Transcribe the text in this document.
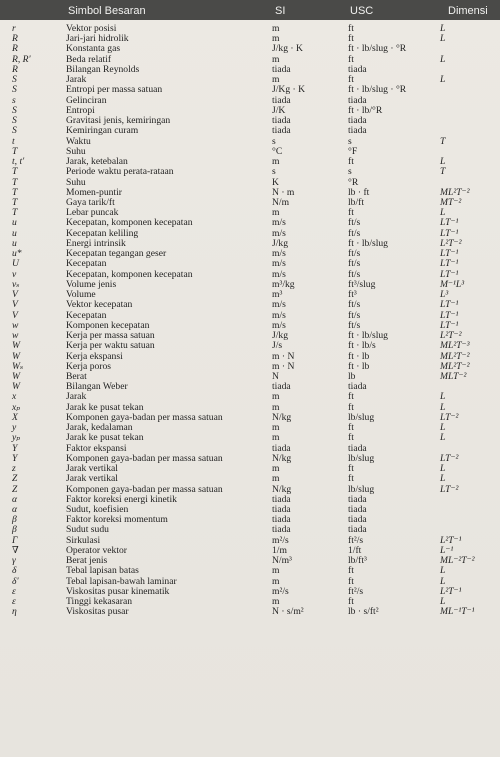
Simbol Besaran	SI	USC	Dimensi
r	Vektor posisi	m	ft	L
R	Jari-jari hidrolik	m	ft	L
R	Konstanta gas	J/kg · K	ft · lb/slug · °R
R, R'	Beda relatif	m	ft	L
R	Bilangan Reynolds	tiada	tiada
S	Jarak	m	ft	L
S	Entropi per massa satuan	J/Kg · K	ft · lb/slug · °R
s	Gelinciran	tiada	tiada
S	Entropi	J/K	ft · lb/°R
S	Gravitasi jenis, kemiringan	tiada	tiada
S	Kemiringan curam	tiada	tiada
t	Waktu	s	s	T
T	Suhu	°C	°F
t, t'	Jarak, ketebalan	m	ft	L
T	Periode waktu perata-rataan	s	s	T
T	Suhu	K	°R
T	Momen-puntir	N · m	lb · ft	ML²T⁻²
T	Gaya tarik/ft	N/m	lb/ft	MT⁻²
T	Lebar puncak	m	ft	L
u	Kecepatan, komponen kecepatan	m/s	ft/s	LT⁻¹
u	Kecepatan keliling	m/s	ft/s	LT⁻¹
u	Energi intrinsik	J/kg	ft · lb/slug	L²T⁻²
u*	Kecepatan tegangan geser	m/s	ft/s	LT⁻¹
U	Kecepatan	m/s	ft/s	LT⁻¹
v	Kecepatan, komponen kecepatan	m/s	ft/s	LT⁻¹
vₛ	Volume jenis	m³/kg	ft³/slug	M⁻¹L³
V	Volume	m³	ft³	L³
V	Vektor kecepatan	m/s	ft/s	LT⁻¹
V	Kecepatan	m/s	ft/s	LT⁻¹
w	Komponen kecepatan	m/s	ft/s	LT⁻¹
w	Kerja per massa satuan	J/kg	ft · lb/slug	L²T⁻²
W	Kerja per waktu satuan	J/s	ft · lb/s	ML²T⁻³
W	Kerja ekspansi	m · N	ft · lb	ML²T⁻²
Wₛ	Kerja poros	m · N	ft · lb	ML²T⁻²
W	Berat	N	lb	MLT⁻²
W	Bilangan Weber	tiada	tiada
x	Jarak	m	ft	L
xₚ	Jarak ke pusat tekan	m	ft	L
X	Komponen gaya-badan per massa satuan	N/kg	lb/slug	LT⁻²
y	Jarak, kedalaman	m	ft	L
yₚ	Jarak ke pusat tekan	m	ft	L
Y	Faktor ekspansi	tiada	tiada
Y	Komponen gaya-badan per massa satuan	N/kg	lb/slug	LT⁻²
z	Jarak vertikal	m	ft	L
Z	Jarak vertikal	m	ft	L
Z	Komponen gaya-badan per massa satuan	N/kg	lb/slug	LT⁻²
α	Faktor koreksi energi kinetik	tiada	tiada
α	Sudut, koefisien	tiada	tiada
β	Faktor koreksi momentum	tiada	tiada
β	Sudut sudu	tiada	tiada
Γ	Sirkulasi	m²/s	ft²/s	L²T⁻¹
∇	Operator vektor	1/m	1/ft	L⁻¹
γ	Berat jenis	N/m³	lb/ft³	ML⁻²T⁻²
δ	Tebal lapisan batas	m	ft	L
δ'	Tebal lapisan-bawah laminar	m	ft	L
ε	Viskositas pusar kinematik	m²/s	ft²/s	L²T⁻¹
ε	Tinggi kekasaran	m	ft	L
η	Viskositas pusar	N · s/m²	lb · s/ft²	ML⁻¹T⁻¹
